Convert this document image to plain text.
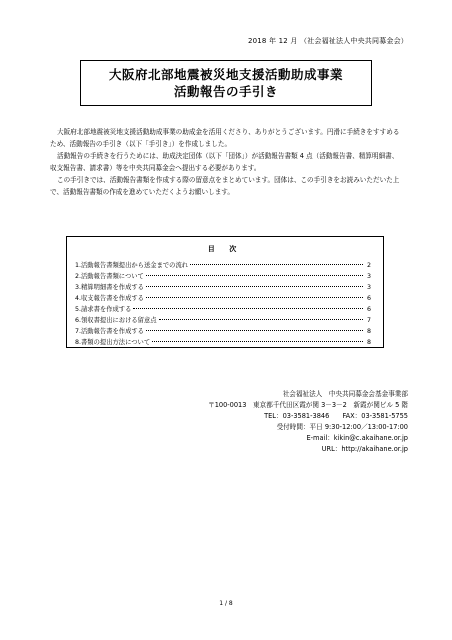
2018 年 12 月 （社会福祉法人中央共同募金会）
大阪府北部地震被災地支援活動助成事業
活動報告の手引き

大阪府北部地震被災地支援活動助成事業の助成金を活用くださり、ありがとうございます。円滑に手続きをすすめるため、活動報告の手引き（以下「手引き」）を作成しました。

活動報告の手続きを行うためには、助成決定団体（以下「団体」）が活動報告書類 4 点（活動報告書、精算明細書、収支報告書、請求書）等を中央共同募金会へ提出する必要があります。

この手引きでは、活動報告書類を作成する際の留意点をまとめています。団体は、この手引きをお読みいただいた上で、活動報告書類の作成を進めていただくようお願いします。

目 次
1.活動報告書類提出から送金までの流れ	2
2.活動報告書類について	3
3.精算明細書を作成する	3
4.収支報告書を作成する	6
5.請求書を作成する	6
6.領収書提出における留意点	7
7.活動報告書を作成する	8
8.書類の提出方法について	8
社会福祉法人　中央共同募金会基金事業部
〒100-0013　東京都千代田区霞が関 3－3－2　新霞が関ビル 5 階
TEL：03-3581-3846　　FAX：03-3581-5755
受付時間：平日 9:30-12:00／13:00-17:00
E-mail：kikin@c.akaihane.or.jp
URL：http://akaihane.or.jp
1 / 8
